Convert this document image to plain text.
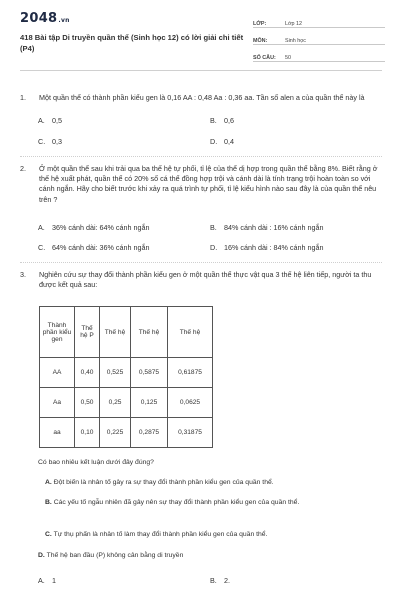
2048.vn
418 Bài tập Di truyền quần thể (Sinh học 12) có lời giải chi tiết (P4)
LỚP:	Lớp 12
MÔN:	Sinh học
SỐ CÂU:	50
1.	Một quần thể có thành phần kiểu gen là 0,16 AA : 0,48 Aa : 0,36 aa. Tần số alen a của quần thể này là
A. 0,5	B. 0,6
C. 0,3	D. 0,4
2.	Ở một quần thể sau khi trải qua ba thế hệ tự phối, tỉ lệ của thể dị hợp trong quần thể bằng 8%. Biết rằng ở thế hệ xuất phát, quần thể có 20% số cá thể đồng hợp trội và cánh dài là tính trạng trội hoàn toàn so với cánh ngắn. Hãy cho biết trước khi xảy ra quá trình tự phối, tỉ lệ kiểu hình nào sau đây là của quần thể nêu trên ?
A. 36% cánh dài: 64% cánh ngắn	B. 84% cánh dài : 16% cánh ngắn
C. 64% cánh dài: 36% cánh ngắn	D. 16% cánh dài : 84% cánh ngắn
3.	Nghiên cứu sự thay đổi thành phần kiểu gen ở một quần thể thực vật qua 3 thế hệ liên tiếp, người ta thu được kết quả sau:
Thành phần kiểu gen	Thế hệ P	Thế hệ	Thế hệ	Thế hệ
AA	0,40	0,525	0,5875	0,61875
Aa	0,50	0,25	0,125	0,0625
aa	0,10	0,225	0,2875	0,31875
Có bao nhiêu kết luận dưới đây đúng?
A. Đột biến là nhân tố gây ra sự thay đổi thành phần kiểu gen của quần thể.
B. Các yếu tố ngẫu nhiên đã gây nên sự thay đổi thành phần kiểu gen của quần thể.
C. Tự thụ phấn là nhân tố làm thay đổi thành phần kiểu gen của quần thể.
D. Thế hệ ban đầu (P) không cân bằng di truyền
A. 1	B. 2.
